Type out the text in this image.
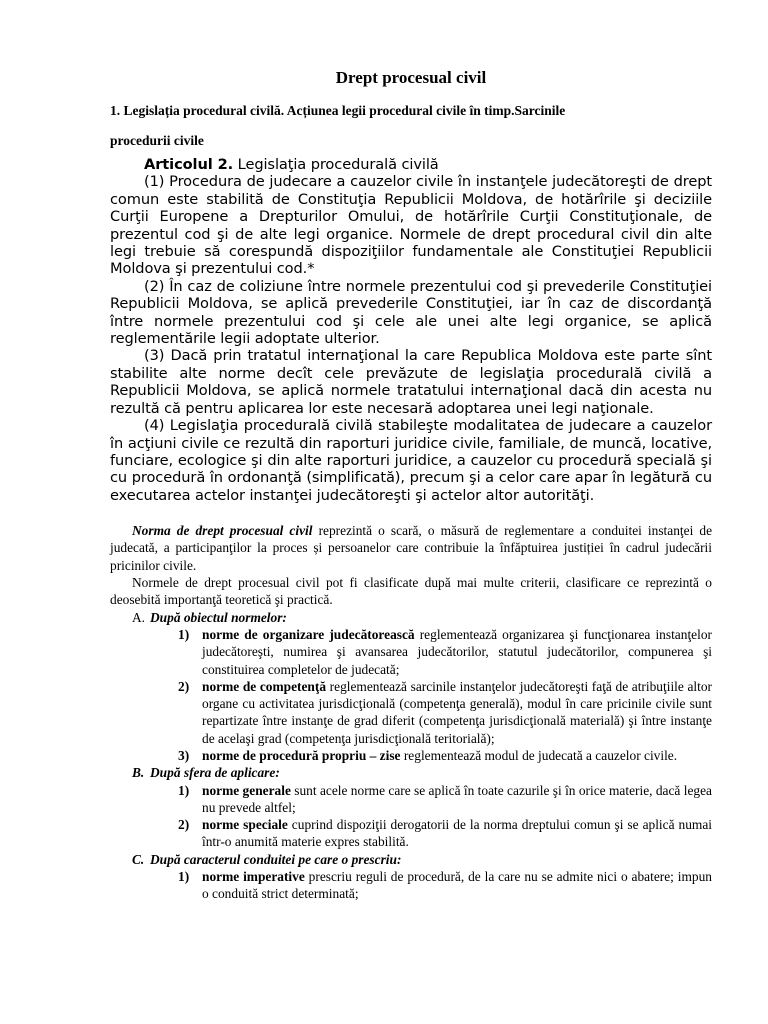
Drept procesual civil
1. Legislația procedural civilă. Acțiunea legii procedural civile în timp.Sarcinile
procedurii civile

Articolul 2. Legislaţia procedurală civilă

(1) Procedura de judecare a cauzelor civile în instanţele judecătoreşti de drept comun este stabilită de Constituţia Republicii Moldova, de hotărîrile şi deciziile Curţii Europene a Drepturilor Omului, de hotărîrile Curţii Constituţionale, de prezentul cod şi de alte legi organice. Normele de drept procedural civil din alte legi trebuie să corespundă dispoziţiilor fundamentale ale Constituţiei Republicii Moldova şi prezentului cod.*

(2) În caz de coliziune între normele prezentului cod şi prevederile Constituţiei Republicii Moldova, se aplică prevederile Constituţiei, iar în caz de discordanţă între normele prezentului cod şi cele ale unei alte legi organice, se aplică reglementările legii adoptate ulterior.

(3) Dacă prin tratatul internaţional la care Republica Moldova este parte sînt stabilite alte norme decît cele prevăzute de legislaţia procedurală civilă a Republicii Moldova, se aplică normele tratatului internaţional dacă din acesta nu rezultă că pentru aplicarea lor este necesară adoptarea unei legi naţionale.

(4) Legislaţia procedurală civilă stabileşte modalitatea de judecare a cauzelor în acţiuni civile ce rezultă din raporturi juridice civile, familiale, de muncă, locative, funciare, ecologice şi din alte raporturi juridice, a cauzelor cu procedură specială şi cu procedură în ordonanţă (simplificată), precum şi a celor care apar în legătură cu executarea actelor instanţei judecătoreşti şi actelor altor autorităţi.

Norma de drept procesual civil reprezintă o scară, o măsură de reglementare a conduitei instanţei de judecată, a participanţilor la proces și persoanelor care contribuie la înfăptuirea justiției în cadrul judecării pricinilor civile.

Normele de drept procesual civil pot fi clasificate după mai multe criterii, clasificare ce reprezintă o deosebită importanţă teoretică şi practică.

A. După obiectul normelor:
1) norme de organizare judecătorească reglementează organizarea şi funcţionarea instanţelor judecătoreşti, numirea şi avansarea judecătorilor, statutul judecătorilor, compunerea şi constituirea completelor de judecată;
2) norme de competenţă reglementează sarcinile instanţelor judecătoreşti faţă de atribuţiile altor organe cu activitatea jurisdicţională (competenţa generală), modul în care pricinile civile sunt repartizate între instanţe de grad diferit (competenţa jurisdicţională materială) şi între instanţe de acelaşi grad (competenţa jurisdicţională teritorială);
3) norme de procedură propriu – zise reglementează modul de judecată a cauzelor civile.
B. După sfera de aplicare:
1) norme generale sunt acele norme care se aplică în toate cazurile şi în orice materie, dacă legea nu prevede altfel;
2) norme speciale cuprind dispoziţii derogatorii de la norma dreptului comun şi se aplică numai într-o anumită materie expres stabilită.
C. După caracterul conduitei pe care o prescriu:
1) norme imperative prescriu reguli de procedură, de la care nu se admite nici o abatere; impun o conduită strict determinată;
